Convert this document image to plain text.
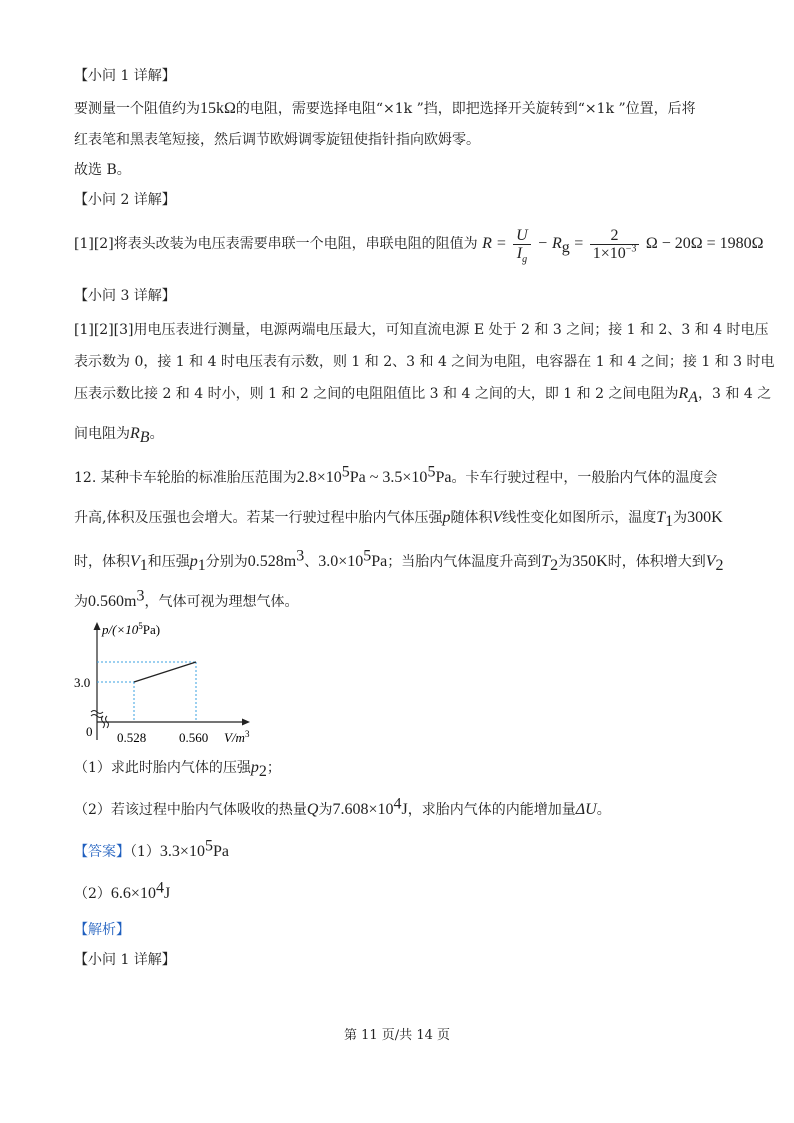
【小问 1 详解】
要测量一个阻值约为15kΩ的电阻，需要选择电阻“×1k ”挡，即把选择开关旋转到“×1k ”位置，后将
红表笔和黑表笔短接，然后调节欧姆调零旋钮使指针指向欧姆零。
故选 B。
【小问 2 详解】
[1][2]将表头改装为电压表需要串联一个电阻，串联电阻的阻值为 $R = \frac{U}{I_g} - R_g = \frac{2}{1\times 10^{-3}}$ Ω − 20Ω = 1980Ω
【小问 3 详解】
[1][2][3]用电压表进行测量，电源两端电压最大，可知直流电源 E 处于 2 和 3 之间；接 1 和 2、3 和 4 时电压
表示数为 0，接 1 和 4 时电压表有示数，则 1 和 2、3 和 4 之间为电阻，电容器在 1 和 4 之间；接 1 和 3 时电
压表示数比接 2 和 4 时小，则 1 和 2 之间的电阻阻值比 3 和 4 之间的大，即 1 和 2 之间电阻为$R_A$，3 和 4 之
间电阻为$R_B$。
12. 某种卡车轮胎的标准胎压范围为$2.8\times 10^5Pa$ ~ $3.5\times 10^5Pa$。卡车行驶过程中，一般胎内气体的温度会
升高,体积及压强也会增大。若某一行驶过程中胎内气体压强p随体积V线性变化如图所示，温度$T_1$为300K
时，体积$V_1$和压强$p_1$分别为$0.528m^3$、$3.0\times 10^5Pa$；当胎内气体温度升高到$T_2$为350K时，体积增大到$V_2$
为$0.560m^3$，气体可视为理想气体。
3.0
0.528	0.560
$p/(\times 10^5Pa)$
0	$V/m^3$
（1）求此时胎内气体的压强$p_2$；
（2）若该过程中胎内气体吸收的热量Q为$7.608\times 10^4J$，求胎内气体的内能增加量ΔU。
【答案】$(1)3.3\times 10^5Pa$
$(2)6.6\times 10^4J$
【解析】
【小问 1 详解】
第 11 页/共 14 页
